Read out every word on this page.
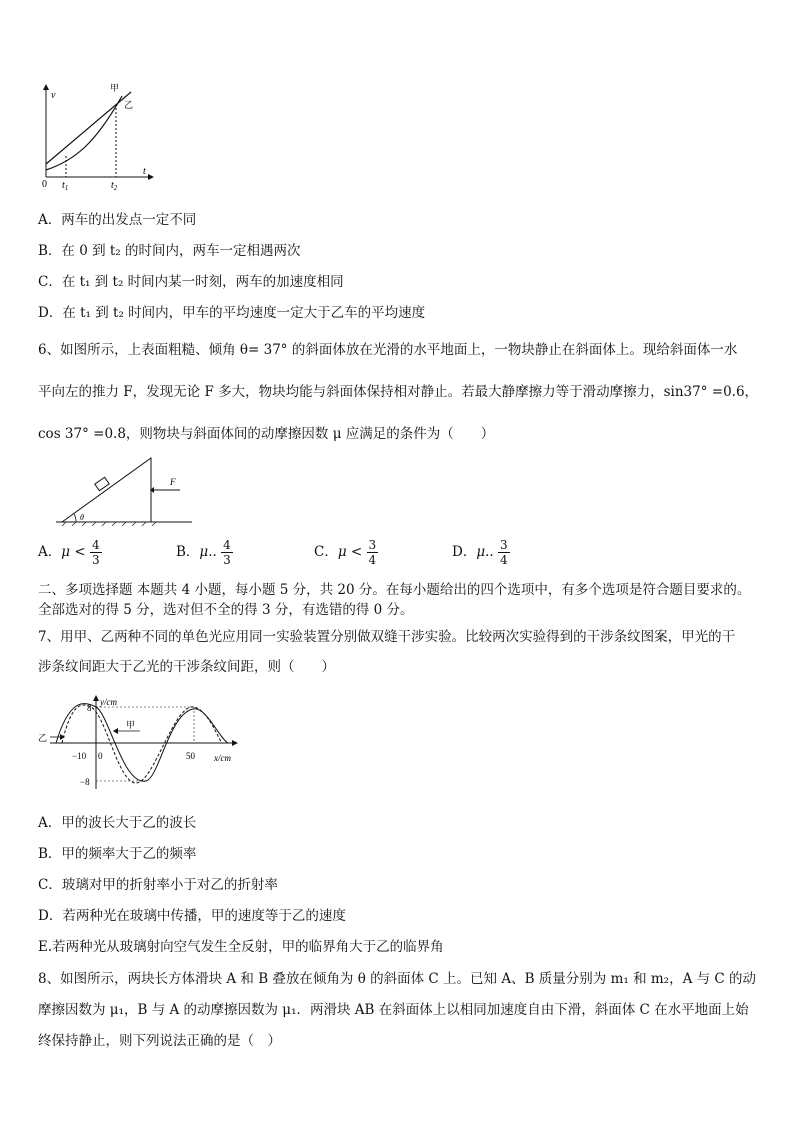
v
t
0 $t_1$	$t_2$
甲
乙
A．两车的出发点一定不同
B．在 0 到 t₂ 的时间内，两车一定相遇两次
C．在 t₁ 到 t₂ 时间内某一时刻，两车的加速度相同
D．在 t₁ 到 t₂ 时间内，甲车的平均速度一定大于乙车的平均速度
6、如图所示，上表面粗糙、倾角 θ= 37° 的斜面体放在光滑的水平地面上，一物块静止在斜面体上。现给斜面体一水
平向左的推力 F，发现无论 F 多大，物块均能与斜面体保持相对静止。若最大静摩擦力等于滑动摩擦力，sin37° =0.6，
cos 37° =0.8，则物块与斜面体间的动摩擦因数 μ 应满足的条件为（　　）
θ
F
A．$\mu < \frac{4}{3}$	B．μ.. $\frac{4}{3}$	C．$\mu < \frac{3}{4}$	D．μ.. $\frac{3}{4}$
二、多项选择题 本题共 4 小题，每小题 5 分，共 20 分。在每小题给出的四个选项中，有多个选项是符合题目要求的。
全部选对的得 5 分，选对但不全的得 3 分，有选错的得 0 分。
7、用甲、乙两种不同的单色光应用同一实验装置分别做双缝干涉实验。比较两次实验得到的干涉条纹图案，甲光的干
涉条纹间距大于乙光的干涉条纹间距，则（　　）
y/cm
x/cm
8
−8
−10 0	50
甲
乙
A．甲的波长大于乙的波长
B．甲的频率大于乙的频率
C．玻璃对甲的折射率小于对乙的折射率
D．若两种光在玻璃中传播，甲的速度等于乙的速度
E.若两种光从玻璃射向空气发生全反射，甲的临界角大于乙的临界角
8、如图所示，两块长方体滑块 A 和 B 叠放在倾角为 θ 的斜面体 C 上。已知 A、B 质量分别为 m₁ 和 m₂，A 与 C 的动
摩擦因数为 μ₁，B 与 A 的动摩擦因数为 μ₁．两滑块 AB 在斜面体上以相同加速度自由下滑，斜面体 C 在水平地面上始
终保持静止，则下列说法正确的是（　）
